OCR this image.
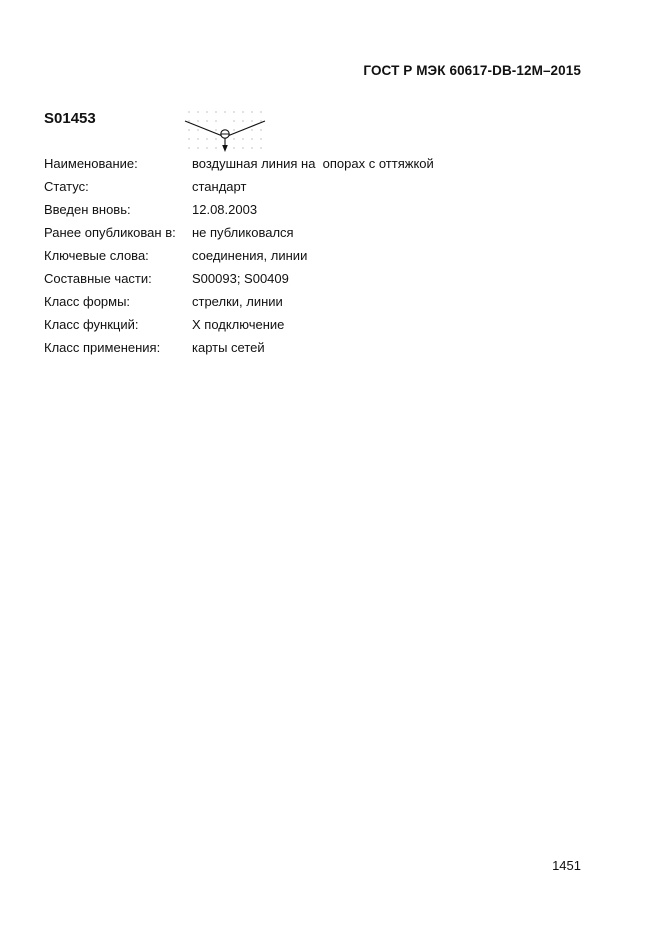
ГОСТ Р МЭК 60617-DB-12M–2015
S01453
Наименование:	воздушная линия на  опорах с оттяжкой
Статус:	стандарт
Введен вновь:	12.08.2003
Ранее опубликован в: не публиковался
Ключевые слова:	соединения, линии
Составные части:	S00093; S00409
Класс формы:	стрелки, линии
Класс функций:	X подключение
Класс применения: карты сетей
1451
